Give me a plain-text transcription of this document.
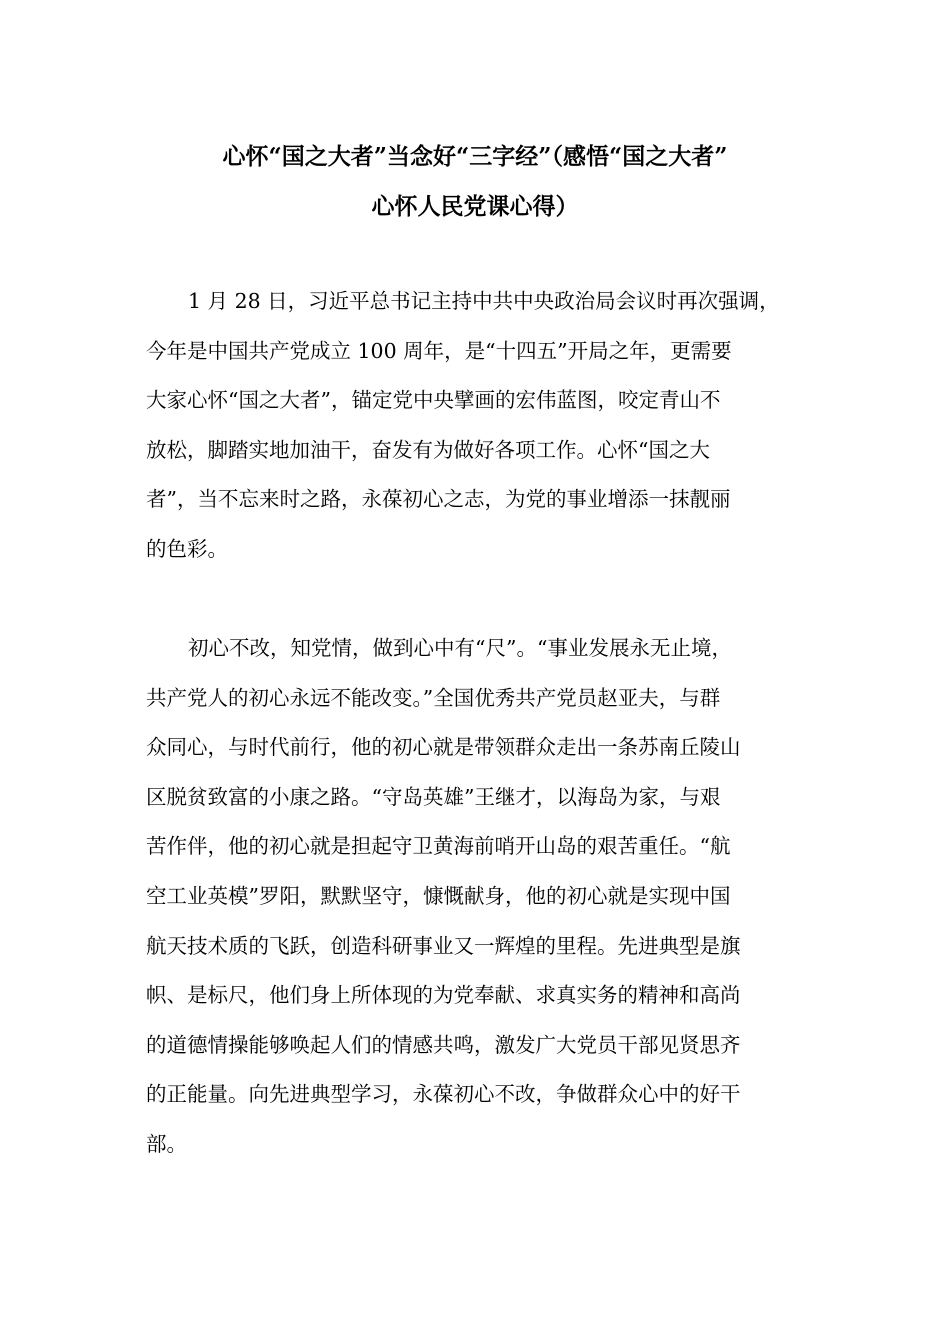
心怀“国之大者”当念好“三字经”（感悟“国之大者”
心怀人民党课心得）
1 月 28 日，习近平总书记主持中共中央政治局会议时再次强调，
今年是中国共产党成立 100 周年，是“十四五”开局之年，更需要
大家心怀“国之大者”，锚定党中央擘画的宏伟蓝图，咬定青山不
放松，脚踏实地加油干，奋发有为做好各项工作。心怀“国之大
者”，当不忘来时之路，永葆初心之志，为党的事业增添一抹靓丽
的色彩。
初心不改，知党情，做到心中有“尺”。“事业发展永无止境，
共产党人的初心永远不能改变。”全国优秀共产党员赵亚夫，与群
众同心，与时代前行，他的初心就是带领群众走出一条苏南丘陵山
区脱贫致富的小康之路。“守岛英雄”王继才，以海岛为家，与艰
苦作伴，他的初心就是担起守卫黄海前哨开山岛的艰苦重任。“航
空工业英模”罗阳，默默坚守，慷慨献身，他的初心就是实现中国
航天技术质的飞跃，创造科研事业又一辉煌的里程。先进典型是旗
帜、是标尺，他们身上所体现的为党奉献、求真实务的精神和高尚
的道德情操能够唤起人们的情感共鸣，激发广大党员干部见贤思齐
的正能量。向先进典型学习，永葆初心不改，争做群众心中的好干
部。
